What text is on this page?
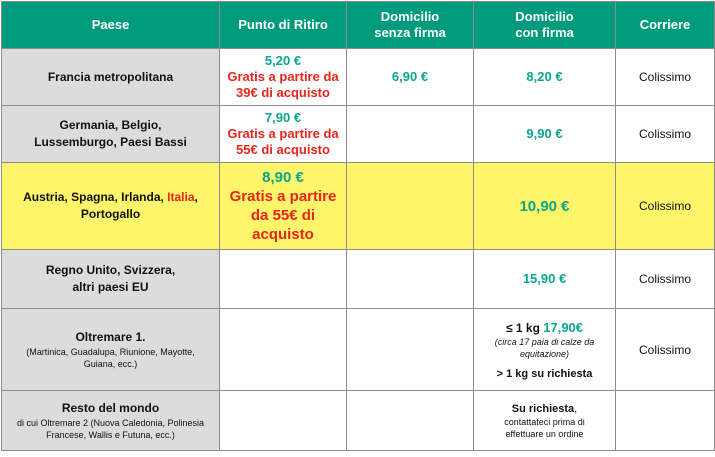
Paese	Punto di Ritiro	Domicilio
senza firma	Domicilio
con firma	Corriere
Francia metropolitana	5,20 €
Gratis a partire da
39€ di acquisto	6,90 €	8,20 €	Colissimo

Germania, Belgio,
Lussemburgo, Paesi Bassi	7,90 €
Gratis a partire da
55€ di acquisto		9,90 €	Colissimo

Austria, Spagna, Irlanda, Italia,
Portogallo	8,90 €
Gratis a partire
da 55€ di
acquisto		10,90 €	Colissimo

Regno Unito, Svizzera,
altri paesi EU			15,90 €	Colissimo

Oltremare 1.
(Martinica, Guadalupa, Riunione, Mayotte,
Guiana, ecc.)			≤ 1 kg 17,90€
(circa 17 paia di calze da
equitazione)
> 1 kg su richiesta	Colissimo

Resto del mondo
di cui Oltremare 2 (Nuova Caledonia, Polinesia
Francese, Wallis e Futuna, ecc.)			Su richiesta,
contattateci prima di
effettuare un ordine	
